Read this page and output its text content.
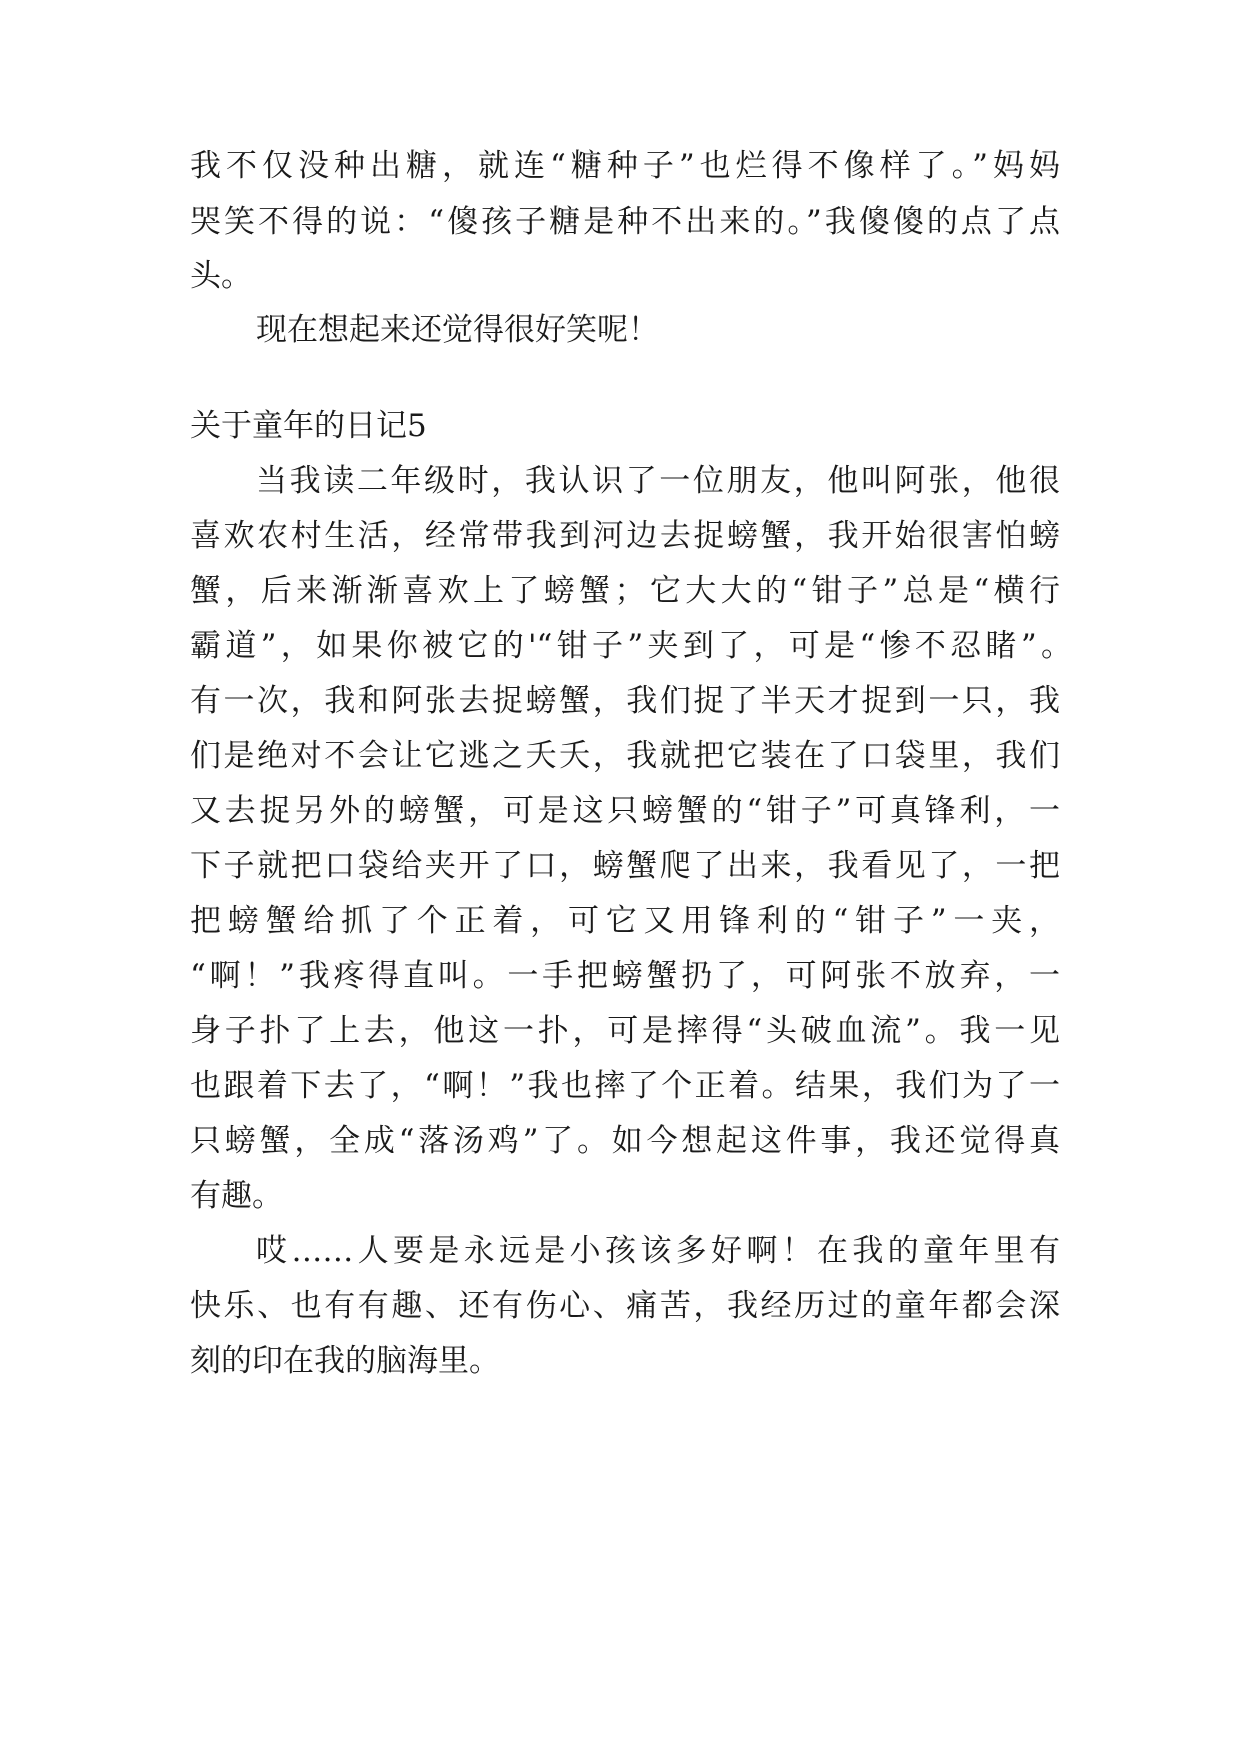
我不仅没种出糖，就连“糖种子”也烂得不像样了。”妈妈
哭笑不得的说：“傻孩子糖是种不出来的。”我傻傻的点了点
头。
现在想起来还觉得很好笑呢！
关于童年的日记5
当我读二年级时，我认识了一位朋友，他叫阿张，他很
喜欢农村生活，经常带我到河边去捉螃蟹，我开始很害怕螃
蟹，后来渐渐喜欢上了螃蟹；它大大的“钳子”总是“横行
霸道”，如果你被它的'“钳子”夹到了，可是“惨不忍睹”。
有一次，我和阿张去捉螃蟹，我们捉了半天才捉到一只，我
们是绝对不会让它逃之夭夭，我就把它装在了口袋里，我们
又去捉另外的螃蟹，可是这只螃蟹的“钳子”可真锋利，一
下子就把口袋给夹开了口，螃蟹爬了出来，我看见了，一把
把螃蟹给抓了个正着，可它又用锋利的“钳子”一夹，
“啊！”我疼得直叫。一手把螃蟹扔了，可阿张不放弃，一
身子扑了上去，他这一扑，可是摔得“头破血流”。我一见
也跟着下去了，“啊！”我也摔了个正着。结果，我们为了一
只螃蟹，全成“落汤鸡”了。如今想起这件事，我还觉得真
有趣。
哎……人要是永远是小孩该多好啊！在我的童年里有
快乐、也有有趣、还有伤心、痛苦，我经历过的童年都会深
刻的印在我的脑海里。
